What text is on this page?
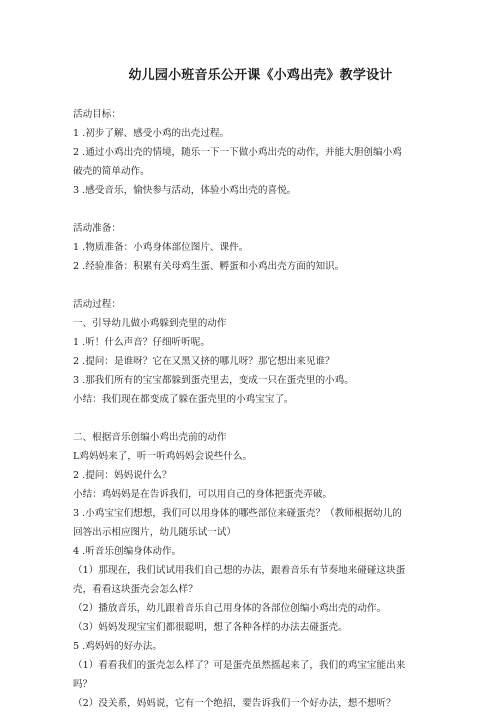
幼儿园小班音乐公开课《小鸡出壳》教学设计
活动目标：
1 .初步了解、感受小鸡的出壳过程。
2 .通过小鸡出壳的情境，随乐一下一下做小鸡出壳的动作，并能大胆创编小鸡
破壳的简单动作。
3 .感受音乐，愉快参与活动，体验小鸡出壳的喜悦。
活动准备：
1 .物质准备：小鸡身体部位图片、课件。
2 .经验准备：积累有关母鸡生蛋、孵蛋和小鸡出壳方面的知识。
活动过程：
一、引导幼儿做小鸡躲到壳里的动作
1 .听！什么声音？仔细听听呢。
2 .提问：是谁呀？它在又黑又挤的哪儿呀？那它想出来见谁？
3 .那我们所有的宝宝都躲到蛋壳里去，变成一只在蛋壳里的小鸡。
小结：我们现在都变成了躲在蛋壳里的小鸡宝宝了。
二、根据音乐创编小鸡出壳前的动作
L鸡妈妈来了，听一听鸡妈妈会说些什么。
2 .提问：妈妈说什么？
小结：鸡妈妈是在告诉我们，可以用自己的身体把蛋壳弄破。
3 .小鸡宝宝们想想，我们可以用身体的哪些部位来碰蛋壳？（教师根据幼儿的
回答出示相应图片，幼儿随乐试一试）
4 .听音乐创编身体动作。
（1）那现在，我们试试用我们自己想的办法，跟着音乐有节奏地来碰碰这块蛋
壳，看看这块蛋壳会怎么样？
（2）播放音乐，幼儿跟着音乐自己用身体的各部位创编小鸡出壳的动作。
（3）妈妈发现宝宝们都很聪明，想了各种各样的办法去碰蛋壳。
5 .鸡妈妈的好办法。
（1）看看我们的蛋壳怎么样了？可是蛋壳虽然摇起来了，我们的鸡宝宝能出来
吗？
（2）没关系，妈妈说，它有一个绝招，要告诉我们一个好办法，想不想听？
